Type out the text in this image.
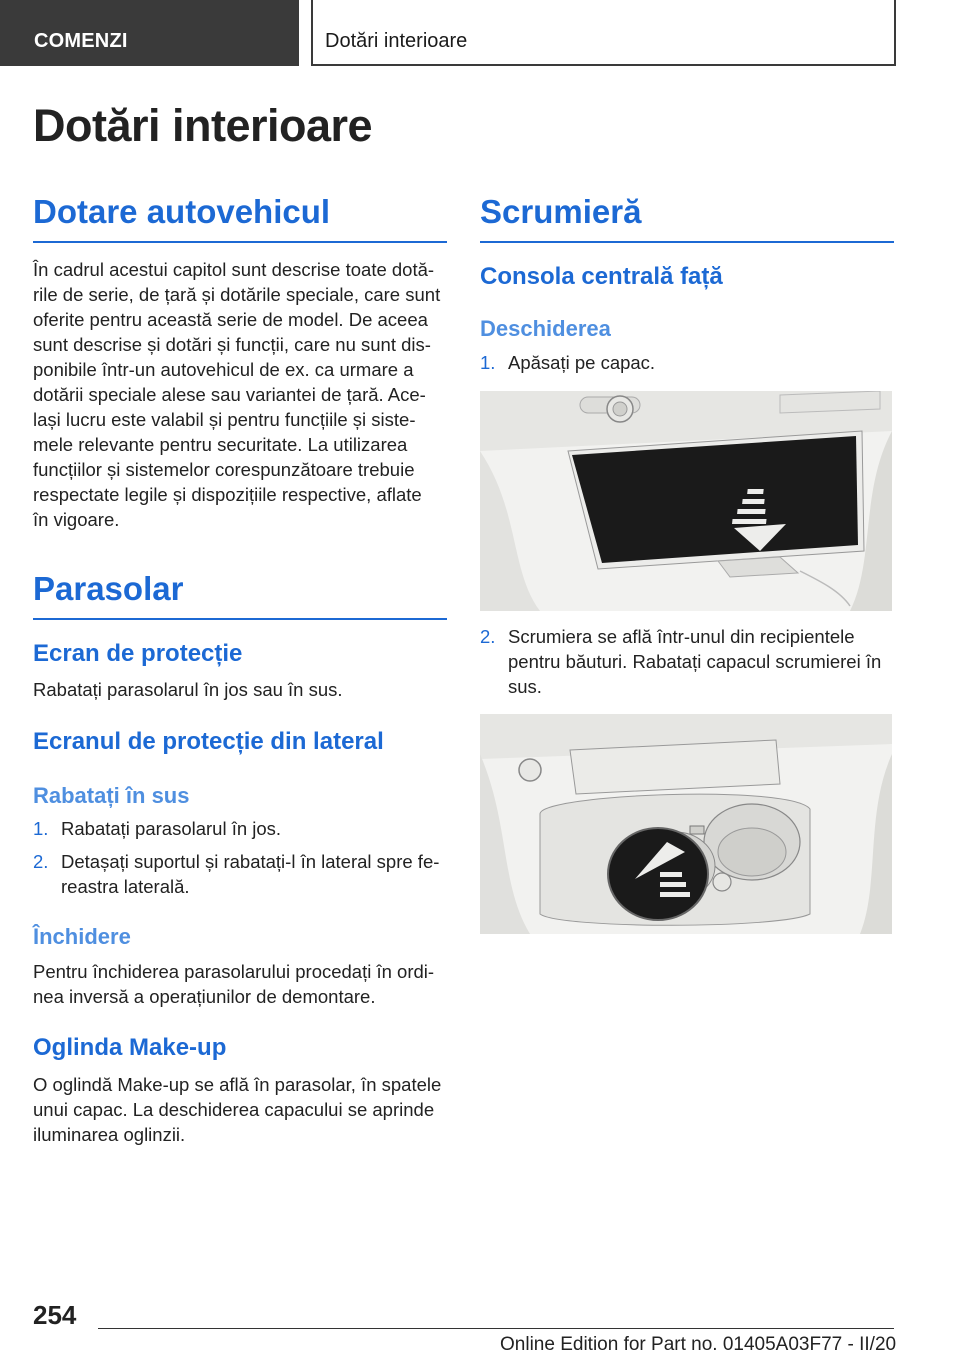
COMENZI	Dotări interioare
Dotări interioare
Dotare autovehicul
În cadrul acestui capitol sunt descrise toate dotă‐
rile de serie, de țară și dotările speciale, care sunt
oferite pentru această serie de model. De aceea
sunt descrise și dotări și funcții, care nu sunt dis‐
ponibile într-un autovehicul de ex. ca urmare a
dotării speciale alese sau variantei de țară. Ace‐
lași lucru este valabil și pentru funcțiile și siste‐
mele relevante pentru securitate. La utilizarea
funcțiilor și sistemelor corespunzătoare trebuie
respectate legile și dispozițiile respective, aflate
în vigoare.
Parasolar
Ecran de protecție
Rabatați parasolarul în jos sau în sus.
Ecranul de protecție din lateral
Rabatați în sus
1. Rabatați parasolarul în jos.
2. Detașați suportul și rabatați-l în lateral spre fe‐
reastra laterală.
Închidere
Pentru închiderea parasolarului procedați în ordi‐
nea inversă a operațiunilor de demontare.
Oglinda Make-up
O oglindă Make-up se află în parasolar, în spatele
unui capac. La deschiderea capacului se aprinde
iluminarea oglinzii.
Scrumieră
Consola centrală față
Deschiderea
1. Apăsați pe capac.
2. Scrumiera se află într-unul din recipientele
pentru băuturi. Rabatați capacul scrumierei în
sus.
254
Online Edition for Part no. 01405A03F77 - II/20
